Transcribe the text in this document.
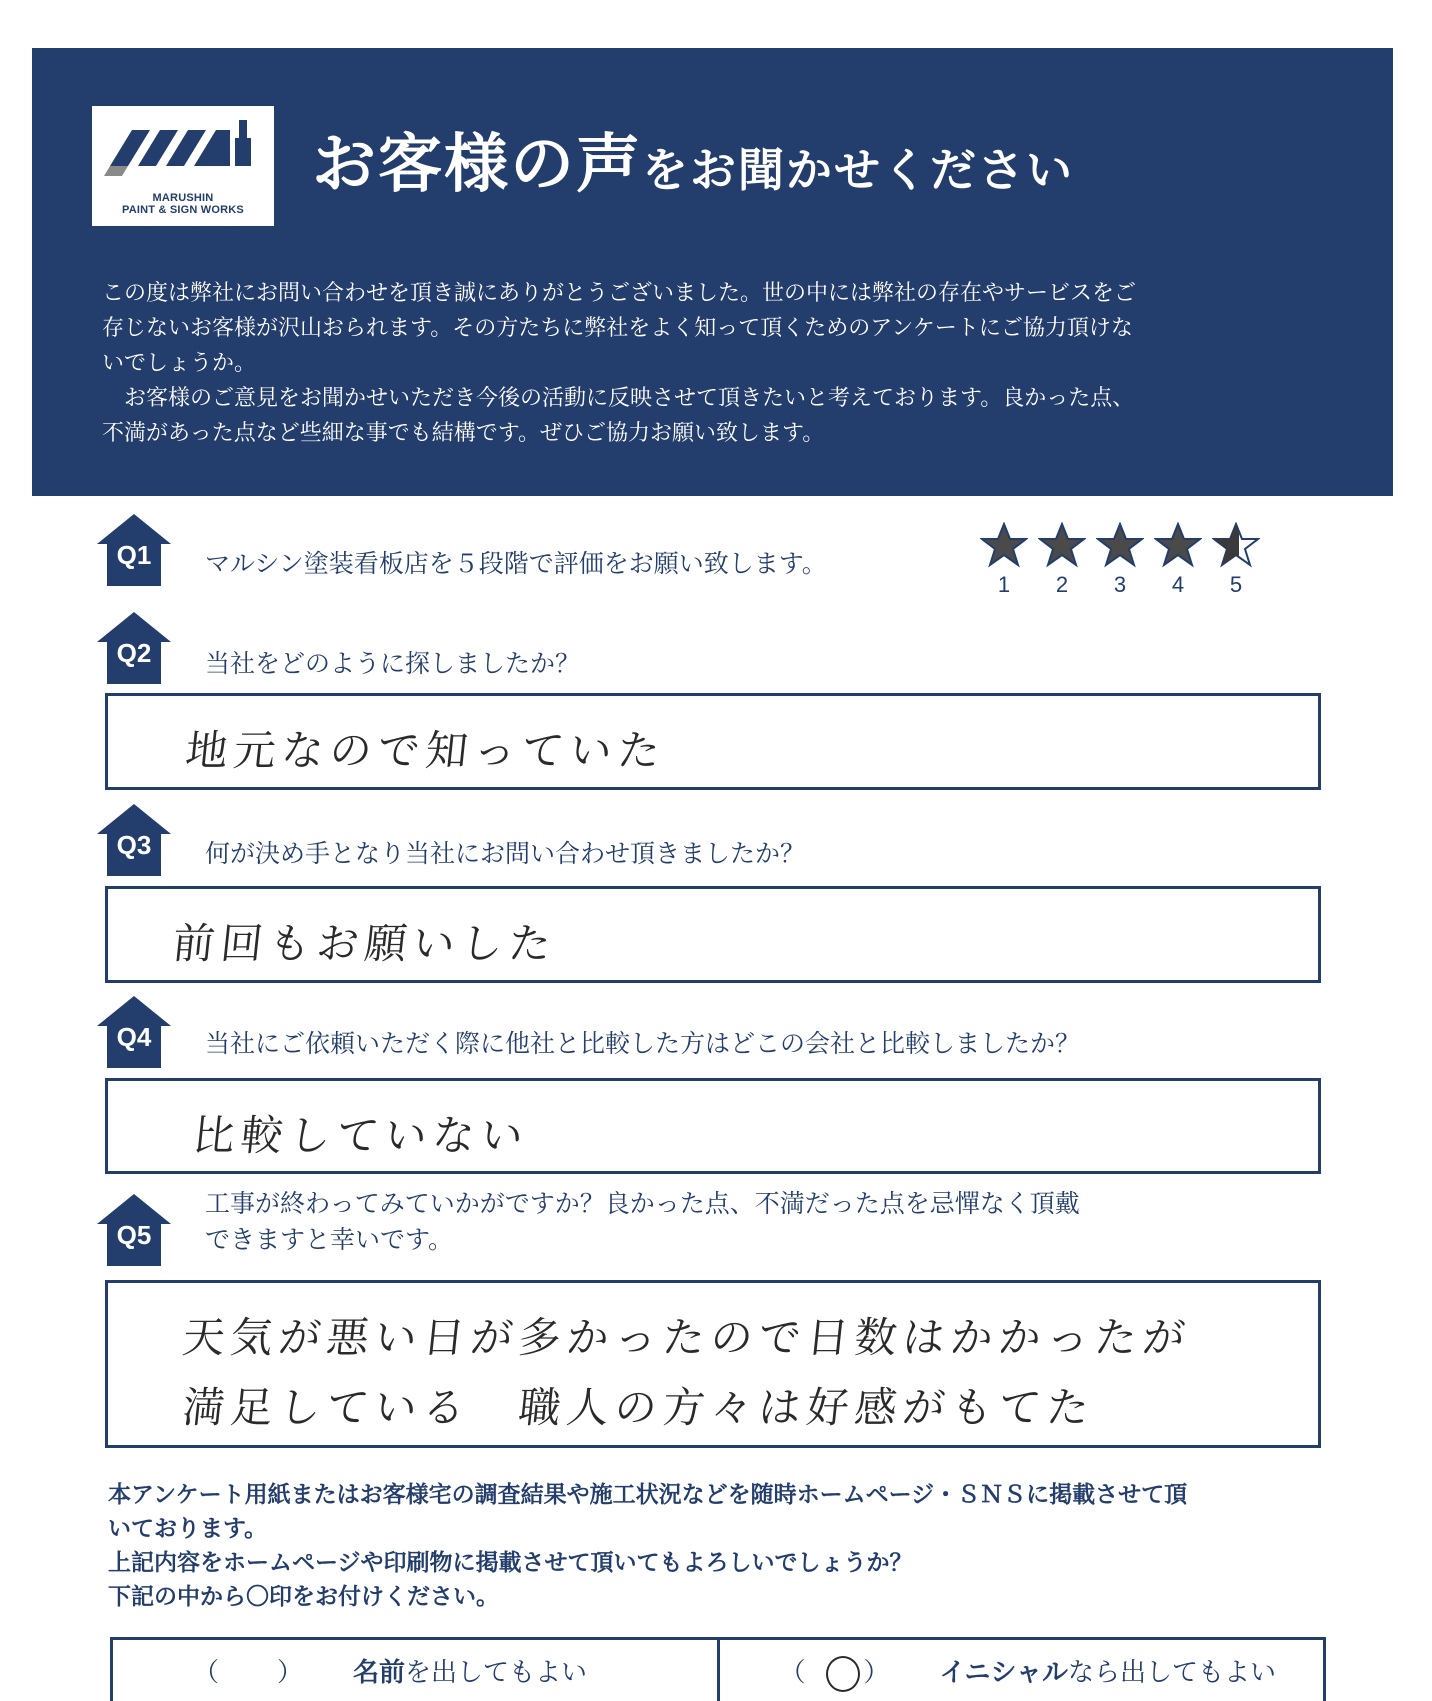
MARUSHIN
PAINT & SIGN WORKS
お客様の声をお聞かせください

この度は弊社にお問い合わせを頂き誠にありがとうございました。世の中には弊社の存在やサービスをご

存じないお客様が沢山おられます。その方たちに弊社をよく知って頂くためのアンケートにご協力頂けな

いでしょうか。

　お客様のご意見をお聞かせいただき今後の活動に反映させて頂きたいと考えております。良かった点、

不満があった点など些細な事でも結構です。ぜひご協力お願い致します。

Q1	マルシン塗装看板店を５段階で評価をお願い致します。
1	2	3	4	5
Q2	当社をどのように探しましたか？
地元なので知っていた
Q3	何が決め手となり当社にお問い合わせ頂きましたか？
前回もお願いした
Q4	当社にご依頼いただく際に他社と比較した方はどこの会社と比較しましたか？
比較していない
Q5
工事が終わってみていかがですか？良かった点、不満だった点を忌憚なく頂戴
できますと幸いです。
天気が悪い日が多かったので日数はかかったが
満足している　職人の方々は好感がもてた

本アンケート用紙またはお客様宅の調査結果や施工状況などを随時ホームページ・ＳＮＳに掲載させて頂

いております。

上記内容をホームページや印刷物に掲載させて頂いてもよろしいでしょうか？

下記の中から〇印をお付けください。

（ ） 名前を出してもよい	（ ） イニシャルなら出してもよい
